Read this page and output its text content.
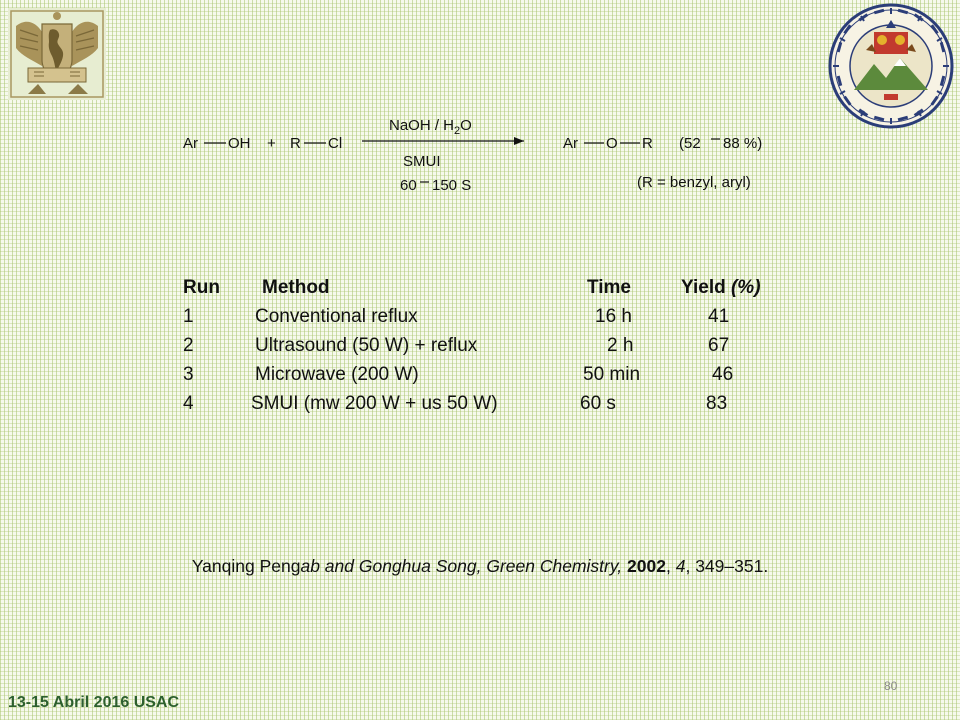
Ar OH + R Cl
NaOH / $H_2O$
SMUI
60 150 S
Ar O R (52 88 %)
(R = benzyl, aryl)
Run Method	Time	Yield (%)
1	Conventional reflux	16 h	41
2	Ultrasound (50 W) + reflux	2 h	67
3	Microwave (200 W)	50 min	46
4	SMUI (mw 200 W + us 50 W)	60 s	83
Yanqing Pengab and Gonghua Song, Green Chemistry, 2002, 4, 349–351.
80
13-15 Abril 2016 USAC
